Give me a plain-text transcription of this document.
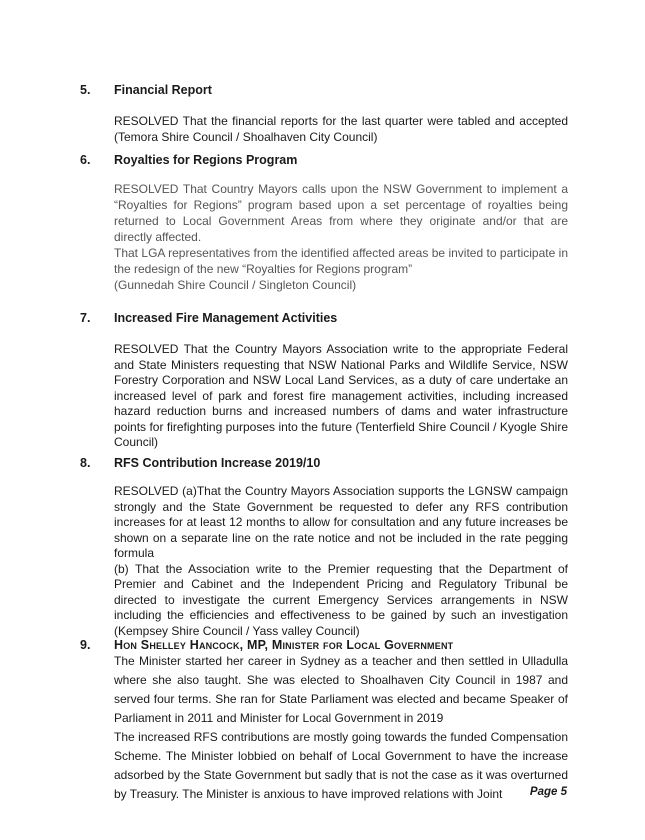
5. Financial Report

RESOLVED That the financial reports for the last quarter were tabled and accepted (Temora Shire Council / Shoalhaven City Council)

6. Royalties for Regions Program

RESOLVED That Country Mayors calls upon the NSW Government to implement a “Royalties for Regions” program based upon a set percentage of royalties being returned to Local Government Areas from where they originate and/or that are directly affected.

That LGA representatives from the identified affected areas be invited to participate in the redesign of the new “Royalties for Regions program”

(Gunnedah Shire Council / Singleton Council)

7. Increased Fire Management Activities

RESOLVED That the Country Mayors Association write to the appropriate Federal and State Ministers requesting that NSW National Parks and Wildlife Service, NSW Forestry Corporation and NSW Local Land Services, as a duty of care undertake an increased level of park and forest fire management activities, including increased hazard reduction burns and increased numbers of dams and water infrastructure points for firefighting purposes into the future (Tenterfield Shire Council / Kyogle Shire Council)

8. RFS Contribution Increase 2019/10

RESOLVED (a)That the Country Mayors Association supports the LGNSW campaign strongly and the State Government be requested to defer any RFS contribution increases for at least 12 months to allow for consultation and any future increases be shown on a separate line on the rate notice and not be included in the rate pegging formula

(b) That the Association write to the Premier requesting that the Department of Premier and Cabinet and the Independent Pricing and Regulatory Tribunal be directed to investigate the current Emergency Services arrangements in NSW including the efficiencies and effectiveness to be gained by such an investigation (Kempsey Shire Council / Yass valley Council)

9. Hon Shelley Hancock, MP, Minister for Local Government

The Minister started her career in Sydney as a teacher and then settled in Ulladulla where she also taught. She was elected to Shoalhaven City Council in 1987 and served four terms. She ran for State Parliament was elected and became Speaker of Parliament in 2011 and Minister for Local Government in 2019

The increased RFS contributions are mostly going towards the funded Compensation Scheme. The Minister lobbied on behalf of Local Government to have the increase adsorbed by the State Government but sadly that is not the case as it was overturned by Treasury. The Minister is anxious to have improved relations with Joint	Page 5
